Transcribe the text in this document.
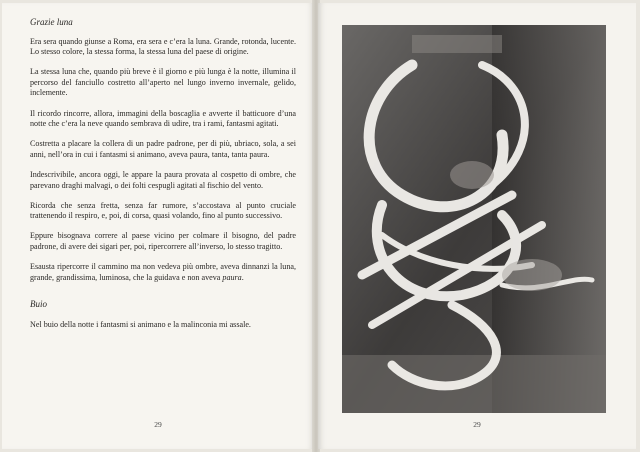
Grazie luna

Era sera quando giunse a Roma, era sera e c’era la luna. Grande, rotonda, lucente. Lo stesso colore, la stessa forma, la stessa luna del paese di origine.

La stessa luna che, quando più breve è il giorno e più lunga è la notte, illumina il percorso del fanciullo costretto all’aperto nel lungo inverno invernale, gelido, inclemente.

Il ricordo rincorre, allora, immagini della boscaglia e avverte il batticuore d’una notte che c’era la neve quando sembrava di udire, tra i rami, fantasmi agitati.

Costretta a placare la collera di un padre padrone, per di più, ubriaco, sola, a sei anni, nell’ora in cui i fantasmi si animano, aveva paura, tanta, tanta paura.

Indescrivibile, ancora oggi, le appare la paura provata al cospetto di ombre, che parevano draghi malvagi, o dei folti cespugli agitati al fischio del vento.

Ricorda che senza fretta, senza far rumore, s’accostava al punto cruciale trattenendo il respiro, e, poi, di corsa, quasi volando, fino al punto successivo.

Eppure bisognava correre al paese vicino per colmare il bisogno, del padre padrone, di avere dei sigari per, poi, ripercorrere all’inverso, lo stesso tragitto.

Esausta ripercorre il cammino ma non vedeva più ombre, aveva dinnanzi la luna, grande, grandissima, luminosa, che la guidava e non aveva paura.

Buio

Nel buio della notte i fantasmi si animano e la malinconia mi assale.

29	29
